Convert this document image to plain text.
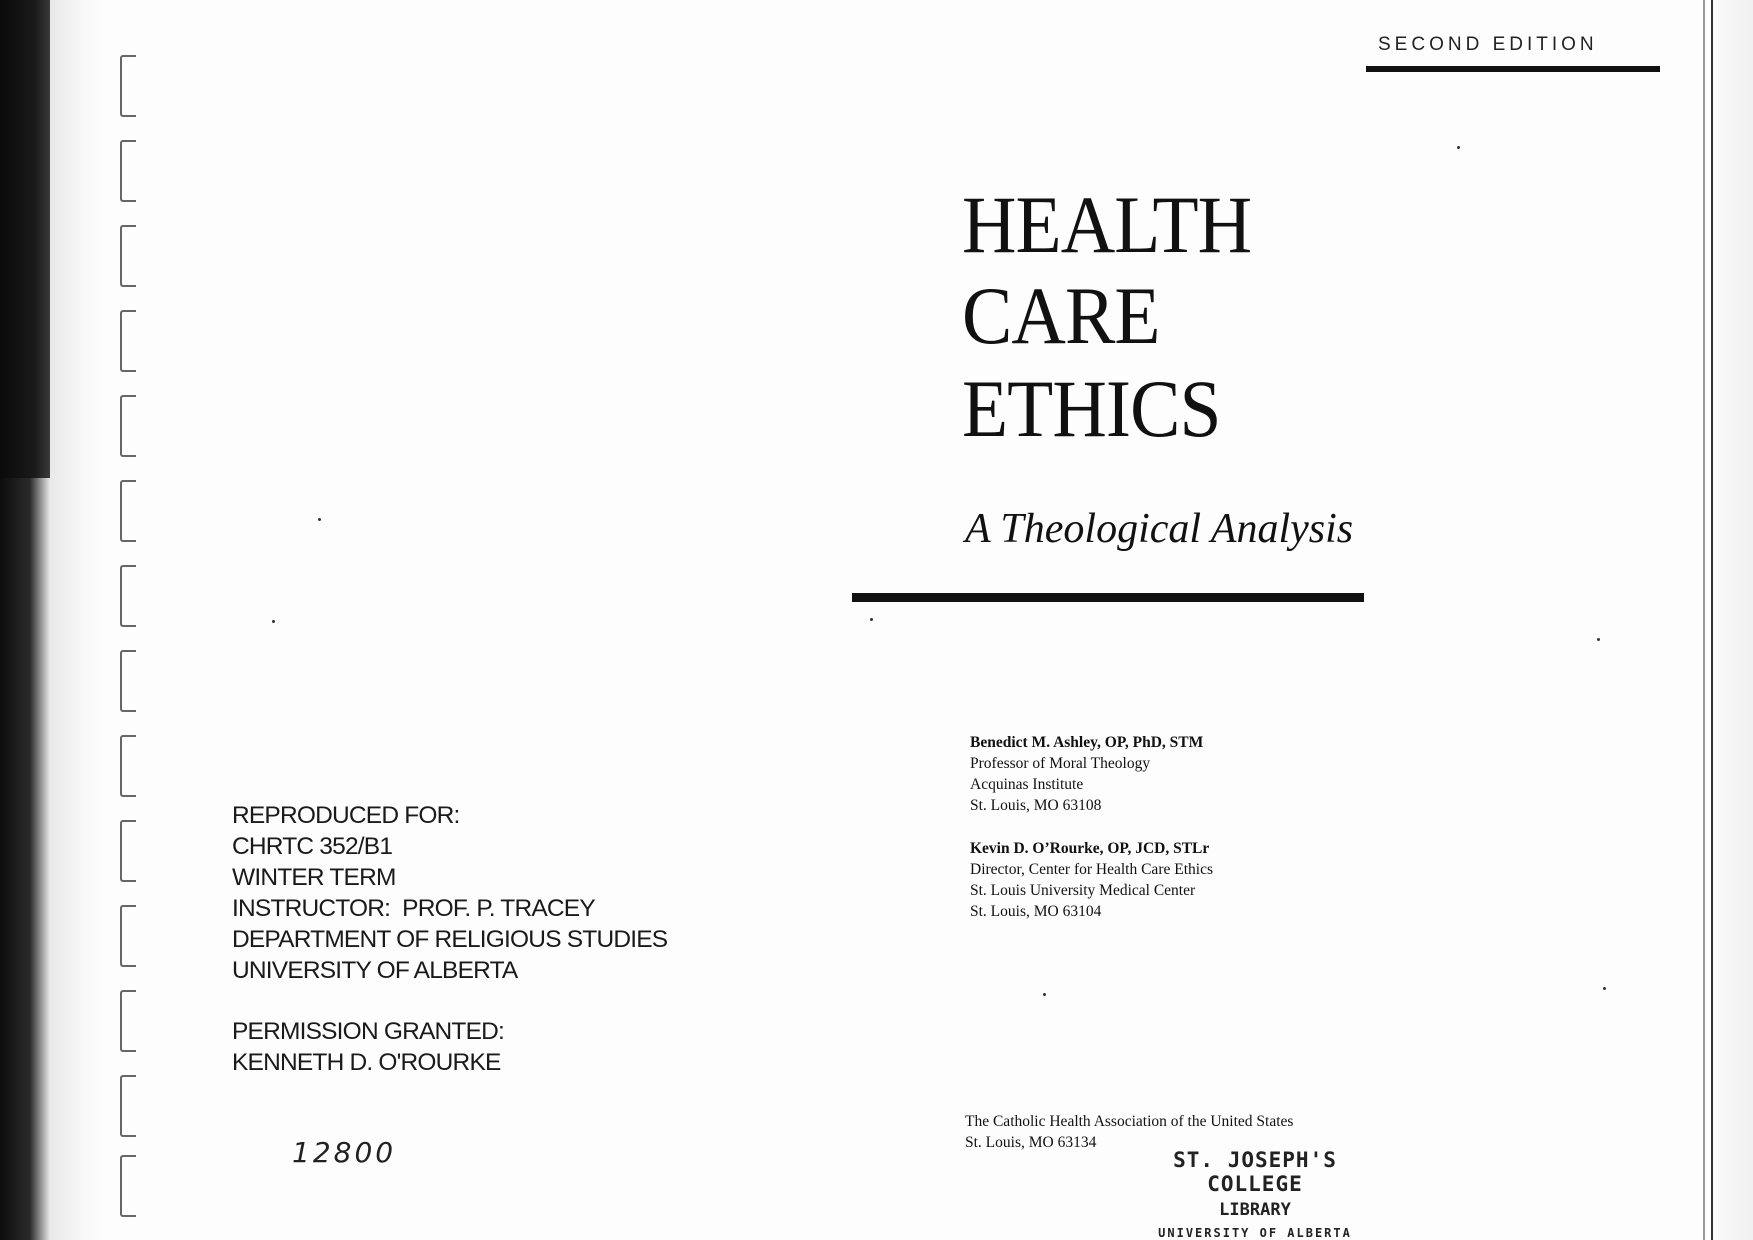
SECOND EDITION
HEALTH
CARE
ETHICS
A Theological Analysis
Benedict M. Ashley, OP, PhD, STM
Professor of Moral Theology
Acquinas Institute
St. Louis, MO 63108
Kevin D. O’Rourke, OP, JCD, STLr
Director, Center for Health Care Ethics
St. Louis University Medical Center
St. Louis, MO 63104
The Catholic Health Association of the United States
St. Louis, MO 63134
ST. JOSEPH'S COLLEGE
LIBRARY
UNIVERSITY OF ALBERTA
REPRODUCED FOR:
CHRTC 352/B1
WINTER TERM
INSTRUCTOR:  PROF. P. TRACEY
DEPARTMENT OF RELIGIOUS STUDIES
UNIVERSITY OF ALBERTA
PERMISSION GRANTED:
KENNETH D. O'ROURKE
12800
